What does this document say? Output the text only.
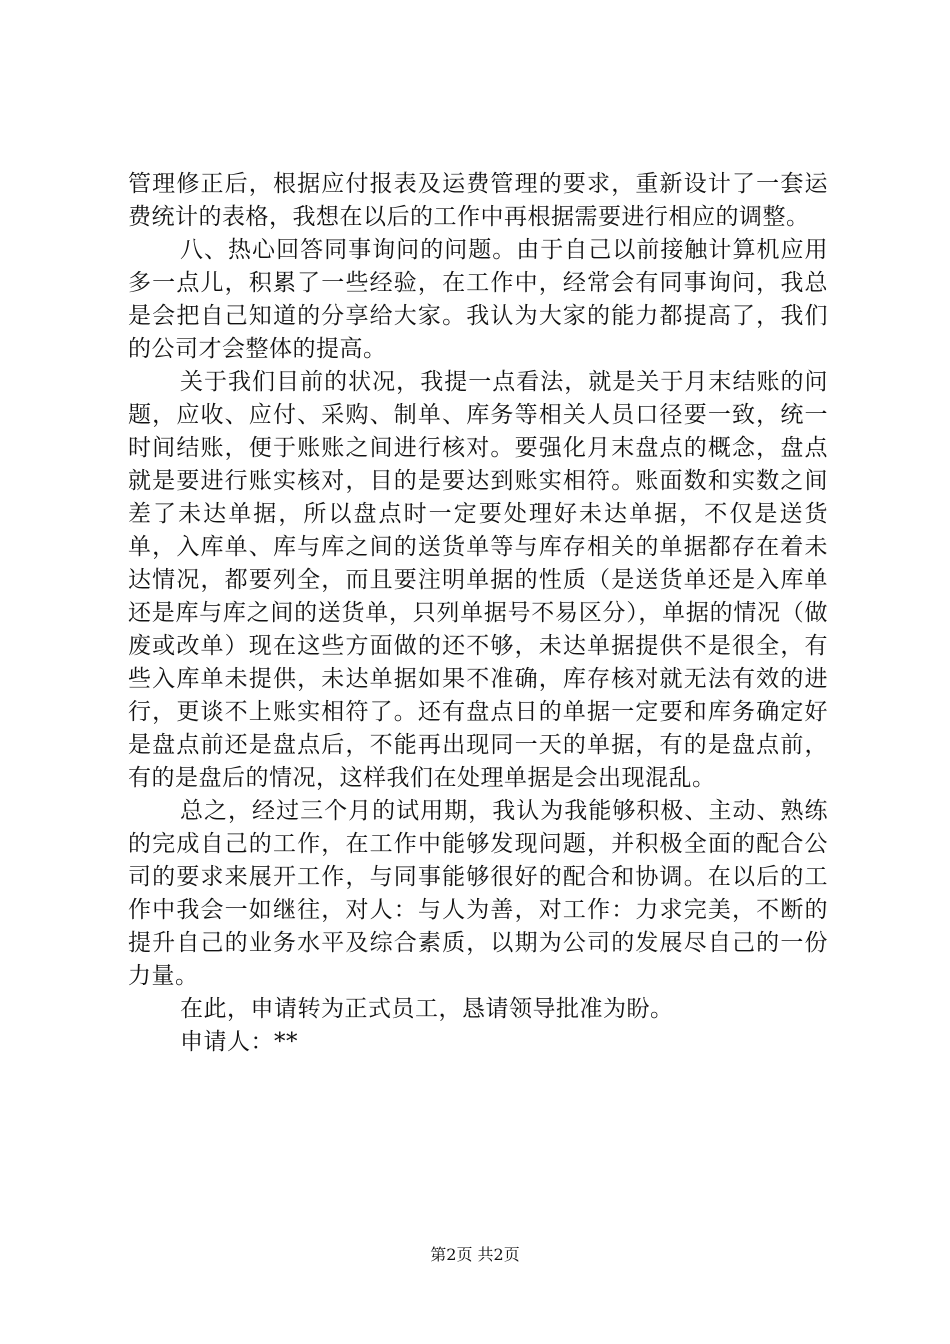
管理修正后，根据应付报表及运费管理的要求，重新设计了一套运费统计的表格，我想在以后的工作中再根据需要进行相应的调整。

八、热心回答同事询问的问题。由于自己以前接触计算机应用多一点儿，积累了一些经验，在工作中，经常会有同事询问，我总是会把自己知道的分享给大家。我认为大家的能力都提高了，我们的公司才会整体的提高。

关于我们目前的状况，我提一点看法，就是关于月末结账的问题，应收、应付、采购、制单、库务等相关人员口径要一致，统一时间结账，便于账账之间进行核对。要强化月末盘点的概念，盘点就是要进行账实核对，目的是要达到账实相符。账面数和实数之间差了未达单据，所以盘点时一定要处理好未达单据，不仅是送货单，入库单、库与库之间的送货单等与库存相关的单据都存在着未达情况，都要列全，而且要注明单据的性质（是送货单还是入库单还是库与库之间的送货单，只列单据号不易区分），单据的情况（做废或改单）现在这些方面做的还不够，未达单据提供不是很全，有些入库单未提供，未达单据如果不准确，库存核对就无法有效的进行，更谈不上账实相符了。还有盘点日的单据一定要和库务确定好是盘点前还是盘点后，不能再出现同一天的单据，有的是盘点前，有的是盘后的情况，这样我们在处理单据是会出现混乱。

总之，经过三个月的试用期，我认为我能够积极、主动、熟练的完成自己的工作，在工作中能够发现问题，并积极全面的配合公司的要求来展开工作，与同事能够很好的配合和协调。在以后的工作中我会一如继往，对人：与人为善，对工作：力求完美，不断的提升自己的业务水平及综合素质，以期为公司的发展尽自己的一份力量。

在此，申请转为正式员工，恳请领导批准为盼。

申请人：**

第2页 共2页
